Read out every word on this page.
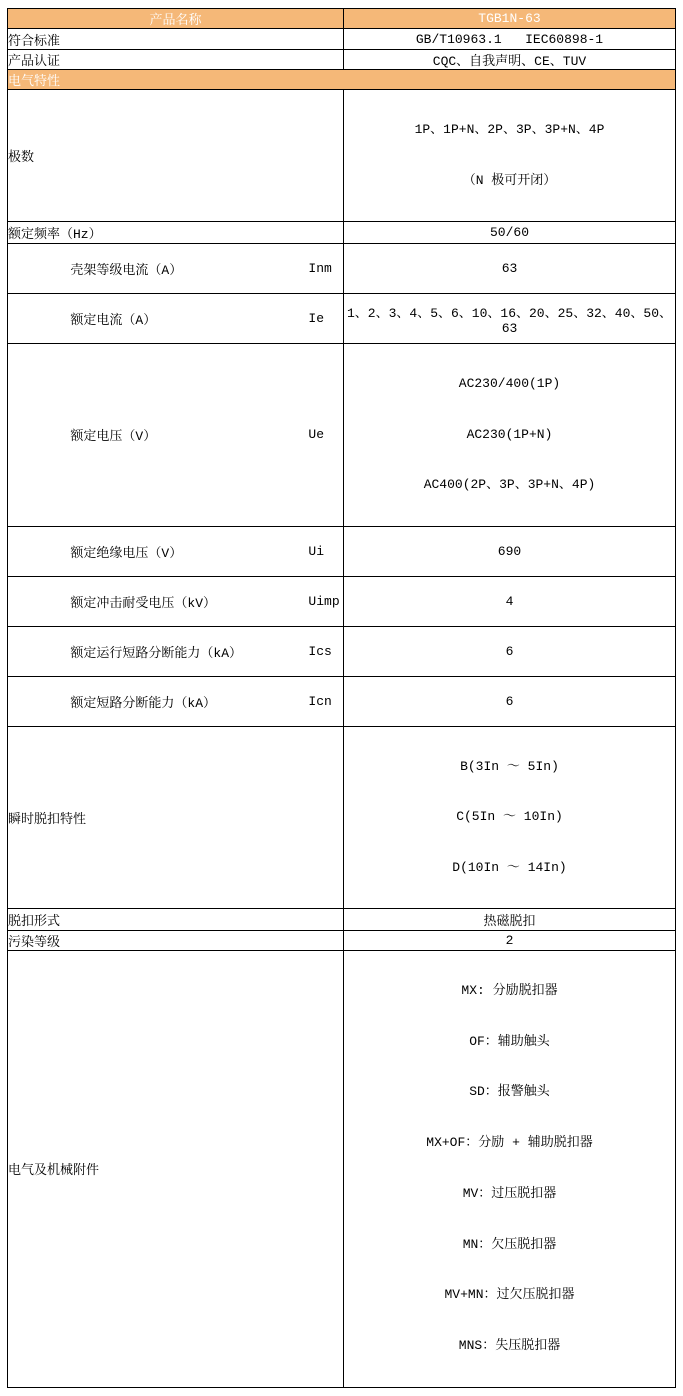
产品名称	TGB1N-63
符合标准	GB/T10963.1   IEC60898-1
产品认证	CQC、自我声明、CE、TUV
电气特性	
极数	1P、1P+N、2P、3P、3P+N、4P

（N 极可开闭）

额定频率（Hz）	50/60

壳架等级电流（A） Inm	63

额定电流（A） Ie	1、2、3、4、5、6、10、16、20、25、32、40、50、63

额定电压（V） Ue	AC230/400(1P)

AC230(1P+N)

AC400(2P、3P、3P+N、4P)

额定绝缘电压（V） Ui	690

额定冲击耐受电压（kV） Uimp	4

额定运行短路分断能力（kA） Ics	6

额定短路分断能力（kA） Icn	6
瞬时脱扣特性	B(3In ～ 5In)

C(5In ～ 10In)

D(10In ～ 14In)

脱扣形式	热磁脱扣
污染等级	2
电气及机械附件	

MX: 分励脱扣器

OF：辅助触头

SD：报警触头

MX+OF：分励 + 辅助脱扣器

MV：过压脱扣器

MN：欠压脱扣器

MV+MN：过欠压脱扣器

MNS：失压脱扣器
